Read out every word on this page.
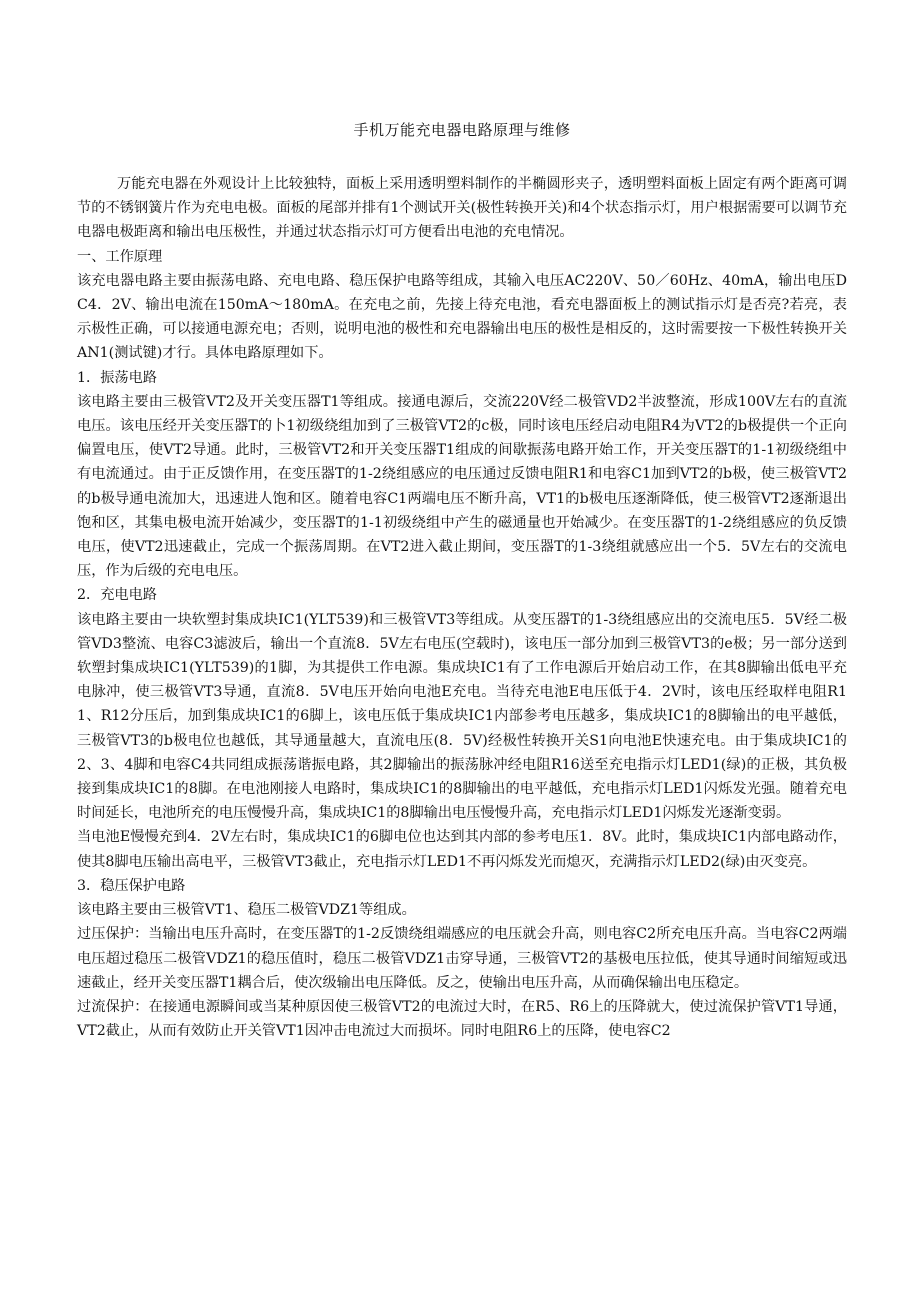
手机万能充电器电路原理与维修

万能充电器在外观设计上比较独特，面板上采用透明塑料制作的半椭圆形夹子，透明塑料面板上固定有两个距离可调节的不锈钢簧片作为充电电极。面板的尾部并排有1个测试开关(极性转换开关)和4个状态指示灯，用户根据需要可以调节充电器电极距离和输出电压极性，并通过状态指示灯可方便看出电池的充电情况。

一、工作原理

该充电器电路主要由振荡电路、充电电路、稳压保护电路等组成，其输入电压AC220V、50／60Hz、40mA，输出电压DC4．2V、输出电流在150mA～180mA。在充电之前，先接上待充电池，看充电器面板上的测试指示灯是否亮?若亮，表示极性正确，可以接通电源充电；否则，说明电池的极性和充电器输出电压的极性是相反的，这时需要按一下极性转换开关AN1(测试键)才行。具体电路原理如下。

1．振荡电路

该电路主要由三极管VT2及开关变压器T1等组成。接通电源后，交流220V经二极管VD2半波整流，形成100V左右的直流电压。该电压经开关变压器T的卜1初级绕组加到了三极管VT2的c极，同时该电压经启动电阻R4为VT2的b极提供一个正向偏置电压，使VT2导通。此时，三极管VT2和开关变压器T1组成的间歇振荡电路开始工作，开关变压器T的1-1初级绕组中有电流通过。由于正反馈作用，在变压器T的1-2绕组感应的电压通过反馈电阻R1和电容C1加到VT2的b极，使三极管VT2的b极导通电流加大，迅速进人饱和区。随着电容C1两端电压不断升高，VT1的b极电压逐渐降低，使三极管VT2逐渐退出饱和区，其集电极电流开始减少，变压器T的1-1初级绕组中产生的磁通量也开始减少。在变压器T的1-2绕组感应的负反馈电压，使VT2迅速截止，完成一个振荡周期。在VT2进入截止期间，变压器T的1-3绕组就感应出一个5．5V左右的交流电压，作为后级的充电电压。

2．充电电路

该电路主要由一块软塑封集成块IC1(YLT539)和三极管VT3等组成。从变压器T的1-3绕组感应出的交流电压5．5V经二极管VD3整流、电容C3滤波后，输出一个直流8．5V左右电压(空载时)，该电压一部分加到三极管VT3的e极；另一部分送到软塑封集成块IC1(YLT539)的1脚，为其提供工作电源。集成块IC1有了工作电源后开始启动工作，在其8脚输出低电平充电脉冲，使三极管VT3导通，直流8．5V电压开始向电池E充电。当待充电池E电压低于4．2V时，该电压经取样电阻R11、R12分压后，加到集成块IC1的6脚上，该电压低于集成块IC1内部参考电压越多，集成块IC1的8脚输出的电平越低，三极管VT3的b极电位也越低，其导通量越大，直流电压(8．5V)经极性转换开关S1向电池E快速充电。由于集成块IC1的2、3、4脚和电容C4共同组成振荡谐振电路，其2脚输出的振荡脉冲经电阻R16送至充电指示灯LED1(绿)的正极，其负极接到集成块IC1的8脚。在电池刚接人电路时，集成块IC1的8脚输出的电平越低，充电指示灯LED1闪烁发光强。随着充电时间延长，电池所充的电压慢慢升高，集成块IC1的8脚输出电压慢慢升高，充电指示灯LED1闪烁发光逐渐变弱。

当电池E慢慢充到4．2V左右时，集成块IC1的6脚电位也达到其内部的参考电压1．8V。此时，集成块IC1内部电路动作，使其8脚电压输出高电平，三极管VT3截止，充电指示灯LED1不再闪烁发光而熄灭，充满指示灯LED2(绿)由灭变亮。

3．稳压保护电路

该电路主要由三极管VT1、稳压二极管VDZ1等组成。

过压保护：当输出电压升高时，在变压器T的1-2反馈绕组端感应的电压就会升高，则电容C2所充电压升高。当电容C2两端电压超过稳压二极管VDZ1的稳压值时，稳压二极管VDZ1击穿导通，三极管VT2的基极电压拉低，使其导通时间缩短或迅速截止，经开关变压器T1耦合后，使次级输出电压降低。反之，使输出电压升高，从而确保输出电压稳定。

过流保护：在接通电源瞬间或当某种原因使三极管VT2的电流过大时，在R5、R6上的压降就大，使过流保护管VT1导通，VT2截止，从而有效防止开关管VT1因冲击电流过大而损坏。同时电阻R6上的压降，使电容C2
